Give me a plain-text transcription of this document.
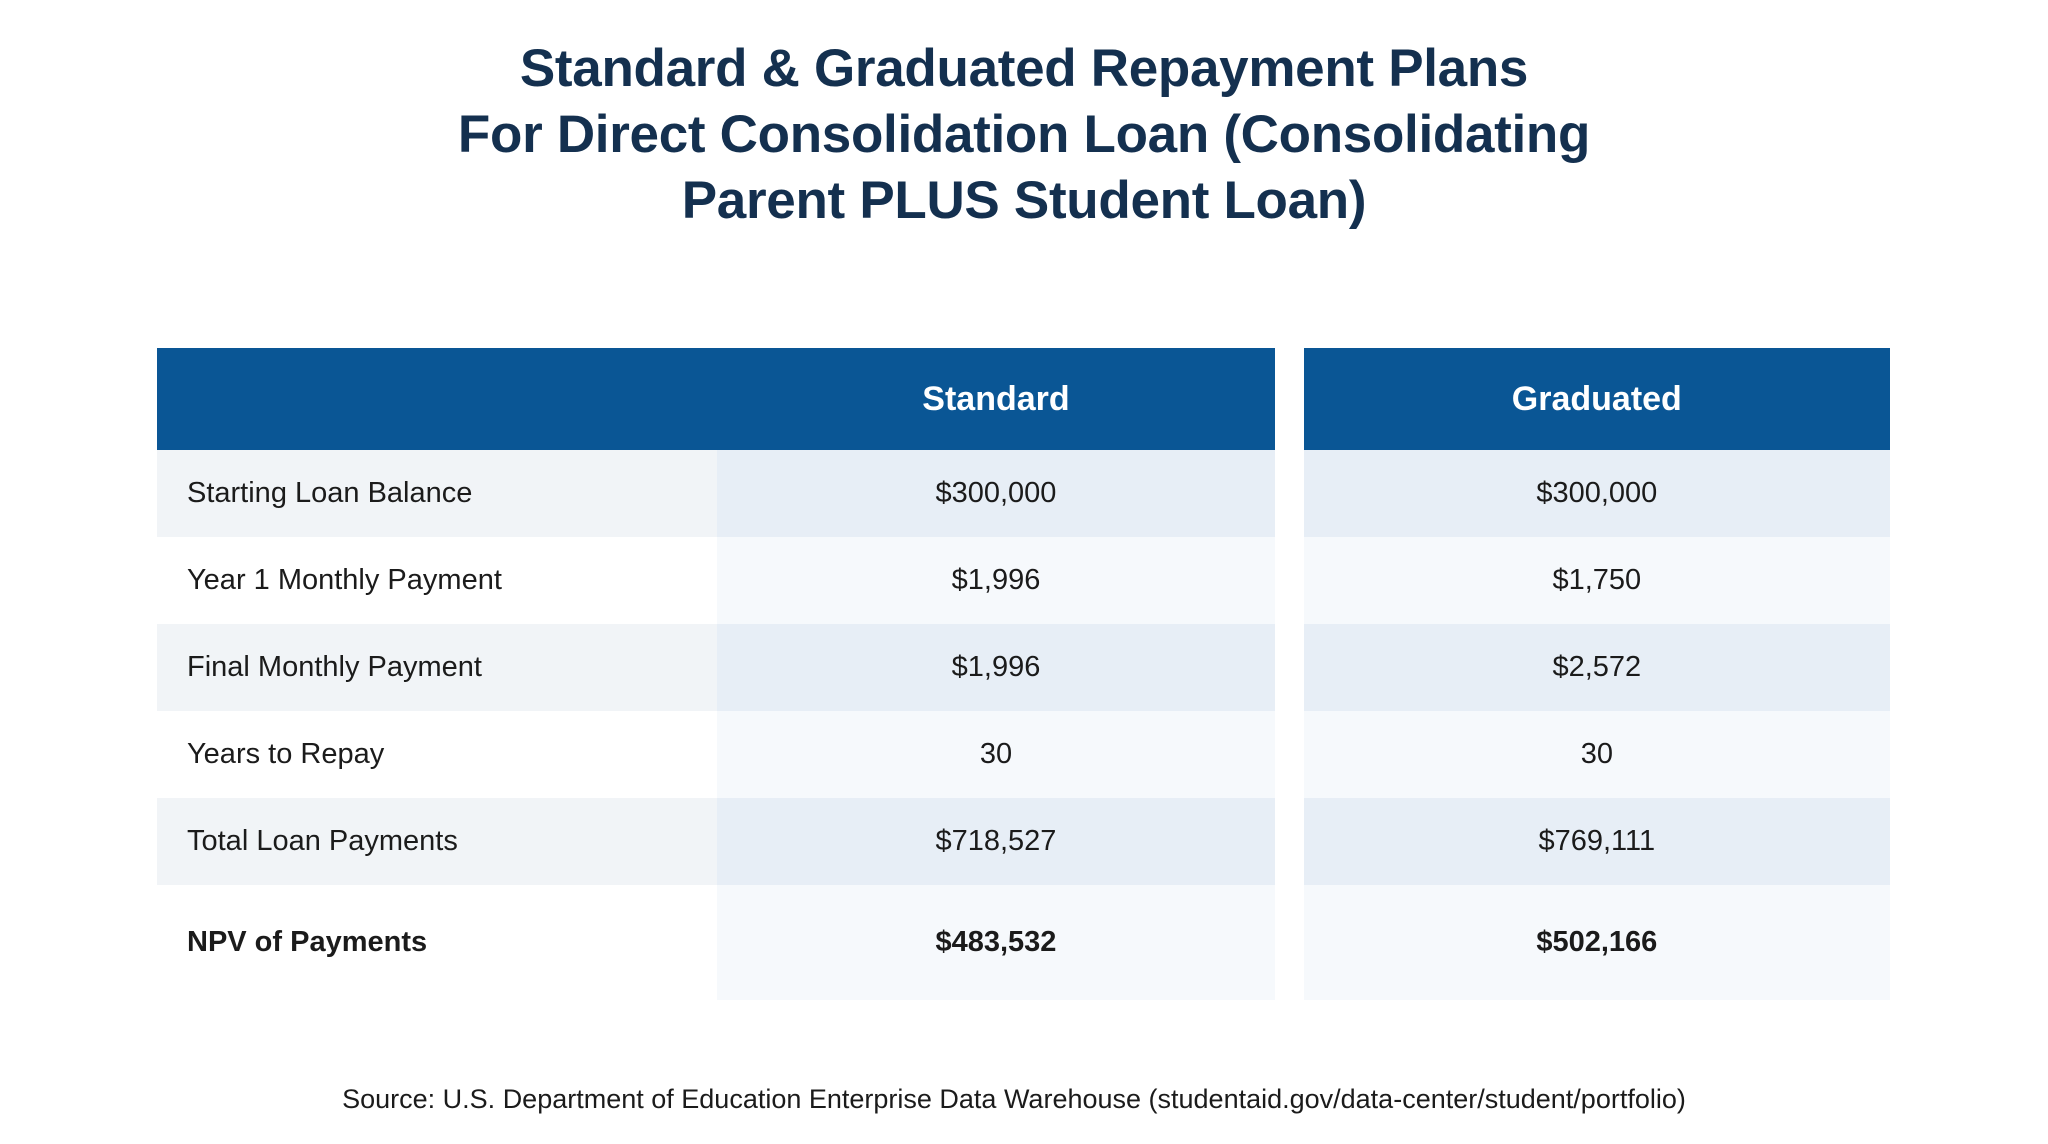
Standard & Graduated Repayment Plans
For Direct Consolidation Loan (Consolidating
Parent PLUS Student Loan)
	Standard	Graduated
Starting Loan Balance	$300,000	$300,000
Year 1 Monthly Payment	$1,996	$1,750
Final Monthly Payment	$1,996	$2,572
Years to Repay	30	30
Total Loan Payments	$718,527	$769,111
NPV of Payments	$483,532	$502,166
Source: U.S. Department of Education Enterprise Data Warehouse (studentaid.gov/data-center/student/portfolio)
